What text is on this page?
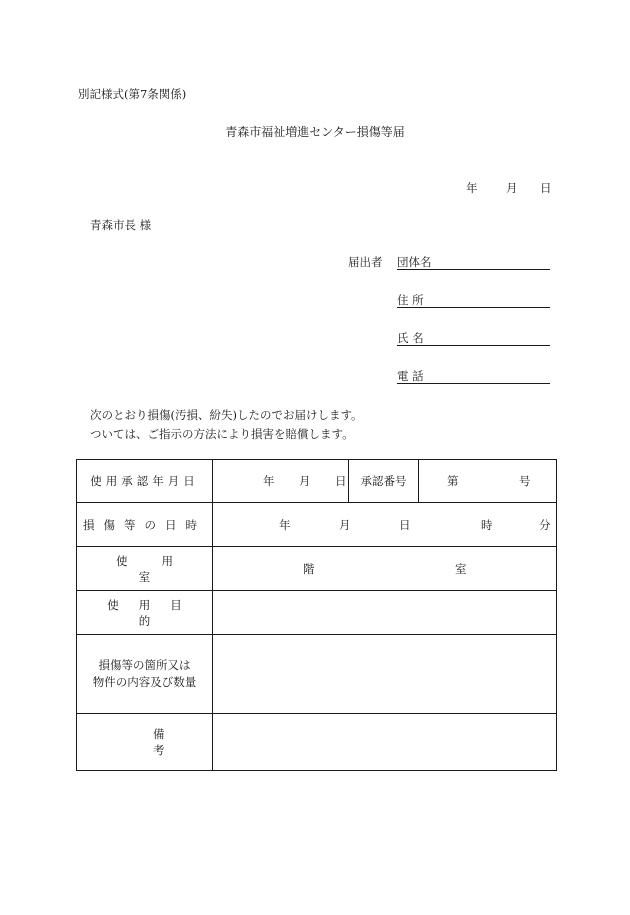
別記様式(第7条関係)
青森市福祉増進センター損傷等届
年 月 日
青森市長 様
届出者 団体名
住 所
氏 名
電 話
次のとおり損傷(汚損、紛失)したのでお届けします。
ついては、ご指示の方法により損害を賠償します。
使用承認年月日	年 月 日	承認番号	第 号

損傷等の日時	年 月 日 時 分		

使用室	階 室		

使用目的			

損傷等の箇所又は
物件の内容及び数量			

備考			
